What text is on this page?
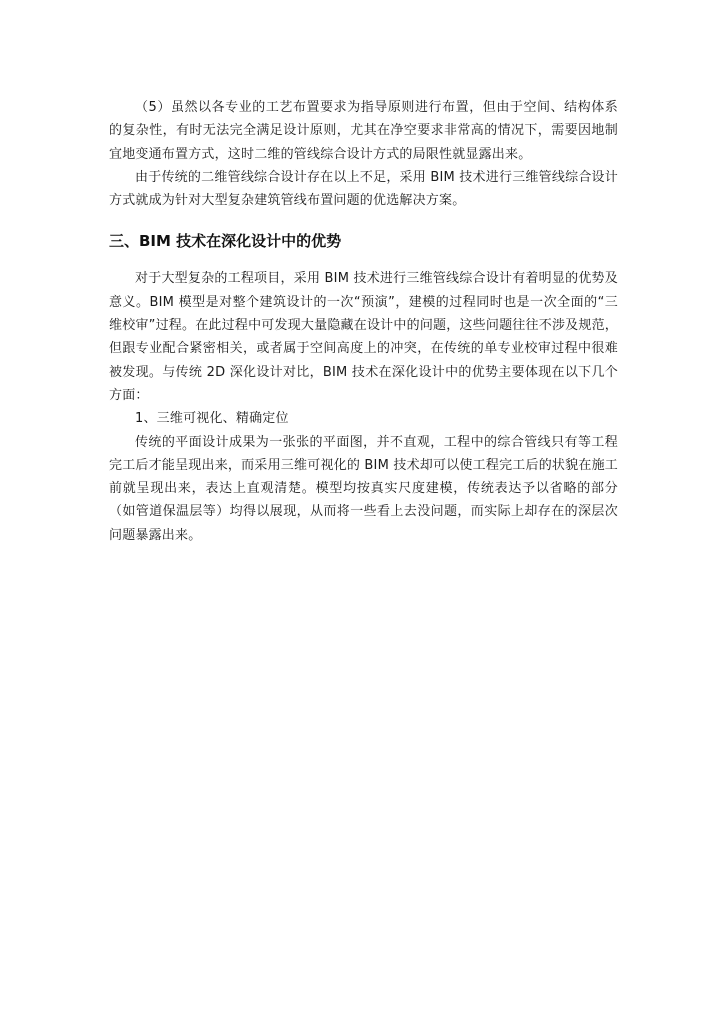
（5）虽然以各专业的工艺布置要求为指导原则进行布置，但由于空间、结构体系的复杂性，有时无法完全满足设计原则，尤其在净空要求非常高的情况下，需要因地制宜地变通布置方式，这时二维的管线综合设计方式的局限性就显露出来。

由于传统的二维管线综合设计存在以上不足，采用 BIM 技术进行三维管线综合设计方式就成为针对大型复杂建筑管线布置问题的优选解决方案。

三、BIM 技术在深化设计中的优势

对于大型复杂的工程项目，采用 BIM 技术进行三维管线综合设计有着明显的优势及意义。BIM 模型是对整个建筑设计的一次“预演”，建模的过程同时也是一次全面的“三维校审”过程。在此过程中可发现大量隐藏在设计中的问题，这些问题往往不涉及规范，但跟专业配合紧密相关，或者属于空间高度上的冲突，在传统的单专业校审过程中很难被发现。与传统 2D 深化设计对比，BIM 技术在深化设计中的优势主要体现在以下几个方面：

1、三维可视化、精确定位

传统的平面设计成果为一张张的平面图，并不直观，工程中的综合管线只有等工程完工后才能呈现出来，而采用三维可视化的 BIM 技术却可以使工程完工后的状貌在施工前就呈现出来，表达上直观清楚。模型均按真实尺度建模，传统表达予以省略的部分（如管道保温层等）均得以展现，从而将一些看上去没问题，而实际上却存在的深层次问题暴露出来。
